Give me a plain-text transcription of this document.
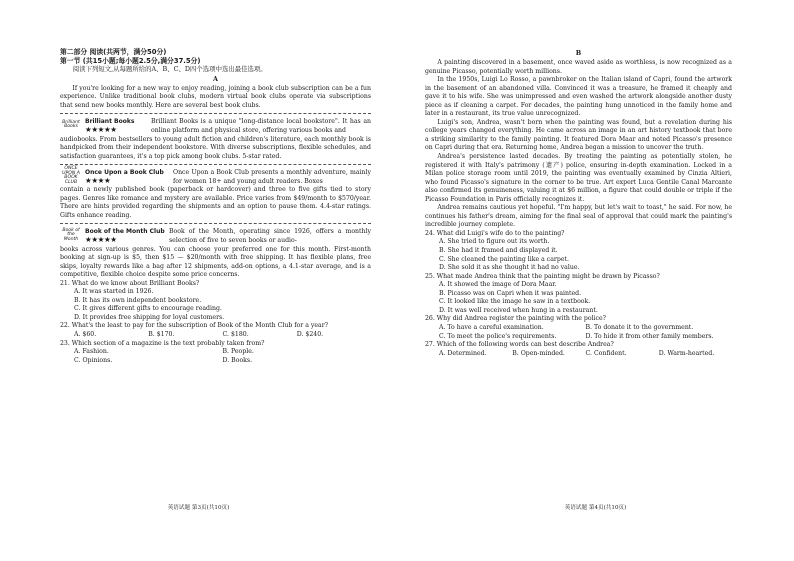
第二部分 阅读(共两节，满分50分)

第一节 (共15小题;每小题2.5分,满分37.5分)

阅读下列短文,从每题所给的A、B、C、D四个选项中选出最佳选项。

A

If you're looking for a new way to enjoy reading, joining a book club subscription can be a fun experience. Unlike traditional book clubs, modern virtual book clubs operate via subscriptions that send new books monthly. Here are several best book clubs.

Brilliant Books
Brilliant Books
★★★★★

Brilliant Books is a unique "long-distance local bookstore". It has an online platform and physical store, offering various books and

audiobooks. From bestsellers to young adult fiction and children's literature, each monthly book is handpicked from their independent bookstore. With diverse subscriptions, flexible schedules, and satisfaction guarantees, it's a top pick among book clubs. 5-star rated.

ONCE UPON A BOOK CLUB
Once Upon a Book Club
★★★★

Once Upon a Book Club presents a monthly adventure, mainly for women 18+ and young adult readers. Boxes

contain a newly published book (paperback or hardcover) and three to five gifts tied to story pages. Genres like romance and mystery are available. Price varies from $49/month to $570/year. There are hints provided regarding the shipments and an option to pause them. 4.4-star ratings. Gifts enhance reading.

Book of the Month
Book of the Month Club
★★★★★

Book of the Month, operating since 1926, offers a monthly selection of five to seven books or audio-

books across various genres. You can choose your preferred one for this month. First-month booking at sign-up is $5, then $15 — $20/month with free shipping. It has flexible plans, free skips, loyalty rewards like a bag after 12 shipments, add-on options, a 4.1-star average, and is a competitive, flexible choice despite some price concerns.

21. What do we know about Brilliant Books?

A. It was started in 1926.

B. It has its own independent bookstore.

C. It gives different gifts to encourage reading.

D. It provides free shipping for loyal customers.

22. What's the least to pay for the subscription of Book of the Month Club for a year?

A. $60.	B. $170.	C. $180.	D. $240.

23. Which section of a magazine is the text probably taken from?

A. Fashion.	B. People.
C. Opinions.	D. Books.
英语试题 第3页(共10页)

B

A painting discovered in a basement, once waved aside as worthless, is now recognized as a genuine Picasso, potentially worth millions.

In the 1950s, Luigi Lo Rosso, a pawnbroker on the Italian island of Capri, found the artwork in the basement of an abandoned villa. Convinced it was a treasure, he framed it cheaply and gave it to his wife. She was unimpressed and even washed the artwork alongside another dusty piece as if cleaning a carpet. For decades, the painting hung unnoticed in the family home and later in a restaurant, its true value unrecognized.

Luigi's son, Andrea, wasn't born when the painting was found, but a revelation during his college years changed everything. He came across an image in an art history textbook that bore a striking similarity to the family painting. It featured Dora Maar and noted Picasso's presence on Capri during that era. Returning home, Andrea began a mission to uncover the truth.

Andrea's persistence lasted decades. By treating the painting as potentially stolen, he registered it with Italy's patrimony (遗产) police, ensuring in-depth examination. Locked in a Milan police storage room until 2019, the painting was eventually examined by Cinzia Altieri, who found Picasso's signature in the corner to be true. Art expert Luca Gentile Canal Marcante also confirmed its genuineness, valuing it at $6 million, a figure that could double or triple if the Picasso Foundation in Paris officially recognizes it.

Andrea remains cautious yet hopeful. "I'm happy, but let's wait to toast," he said. For now, he continues his father's dream, aiming for the final seal of approval that could mark the painting's incredible journey complete.

24. What did Luigi's wife do to the painting?

A. She tried to figure out its worth.

B. She had it framed and displayed it.

C. She cleaned the painting like a carpet.

D. She sold it as she thought it had no value.

25. What made Andrea think that the painting might be drawn by Picasso?

A. It showed the image of Dora Maar.

B. Picasso was on Capri when it was painted.

C. It looked like the image he saw in a textbook.

D. It was well received when hung in a restaurant.

26. Why did Andrea register the painting with the police?

A. To have a careful examination.	B. To donate it to the government.
C. To meet the police's requirements.	D. To hide it from other family members.

27. Which of the following words can best describe Andrea?

A. Determined.	B. Open-minded.	C. Confident.	D. Warm-hearted.
英语试题 第4页(共10页)
